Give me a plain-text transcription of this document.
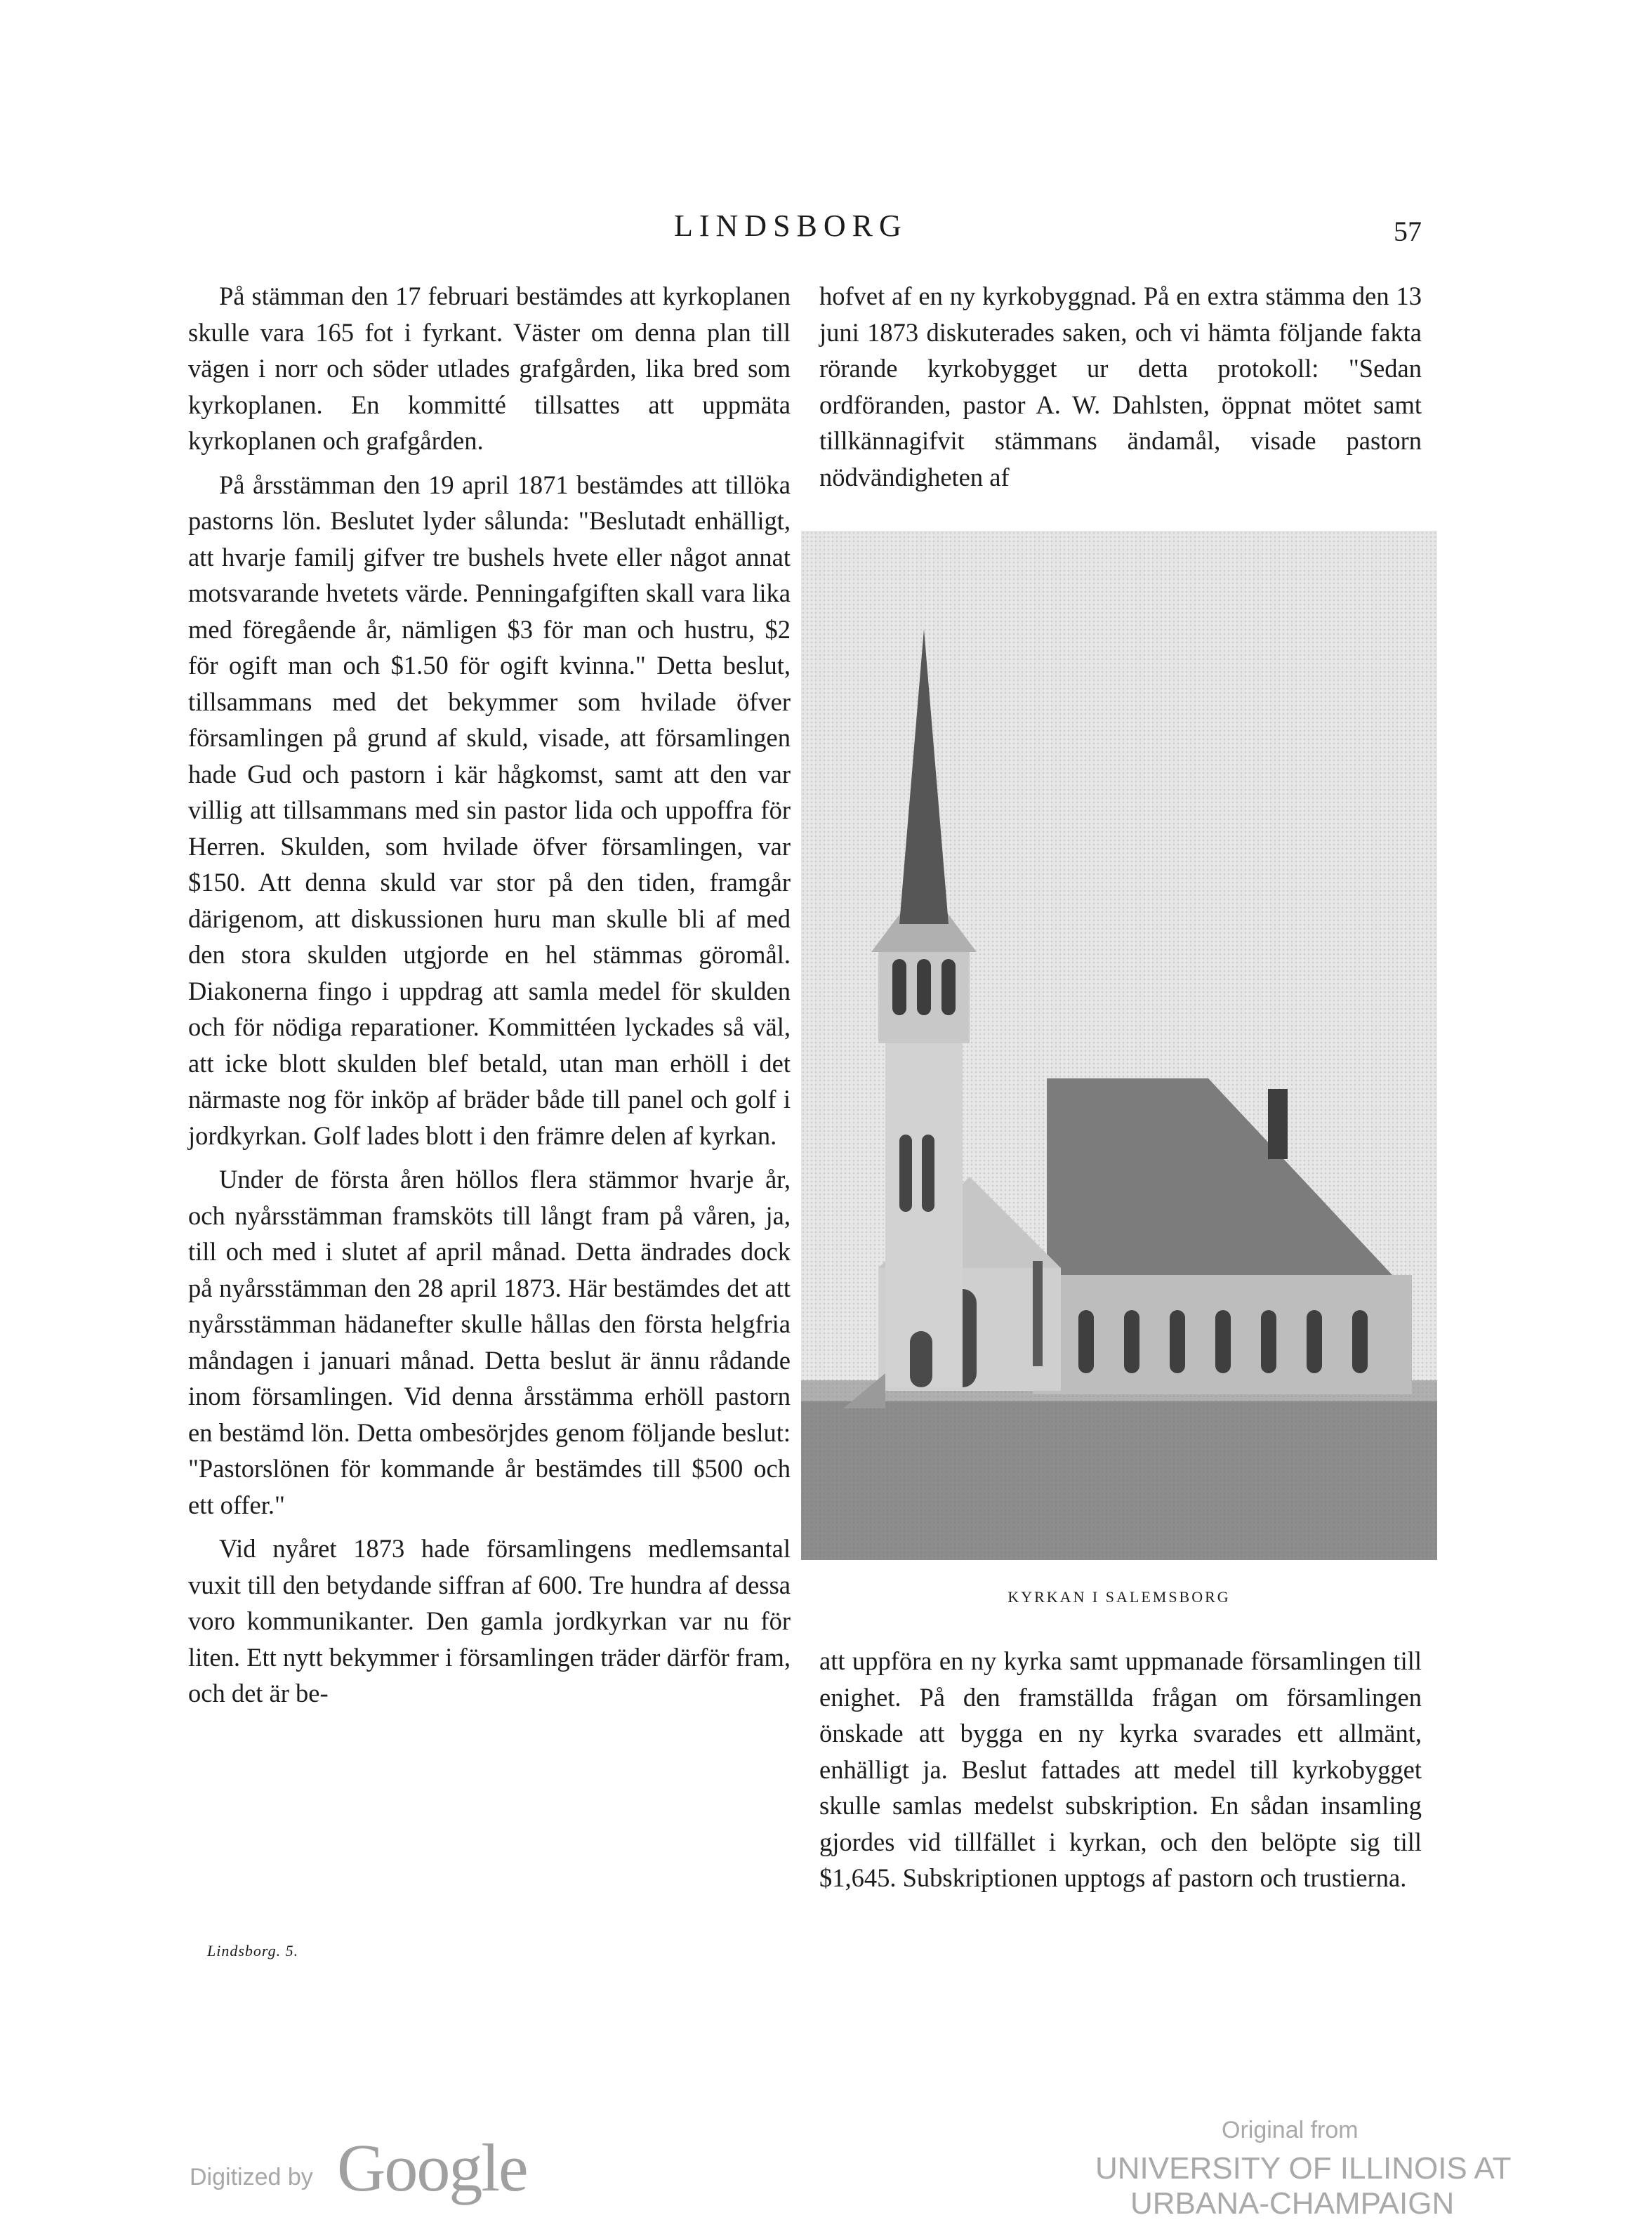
LINDSBORG	57

På stämman den 17 februari bestämdes att kyrkoplanen skulle vara 165 fot i fyrkant. Väster om denna plan till vägen i norr och söder utlades grafgården, lika bred som kyrkoplanen. En kommitté tillsattes att uppmäta kyrkoplanen och grafgården.

På årsstämman den 19 april 1871 bestämdes att tillöka pastorns lön. Beslutet lyder sålunda: "Beslutadt enhälligt, att hvarje familj gifver tre bushels hvete eller något annat motsvarande hvetets värde. Penningafgiften skall vara lika med föregående år, nämligen $3 för man och hustru, $2 för ogift man och $1.50 för ogift kvinna." Detta beslut, tillsammans med det bekymmer som hvilade öfver församlingen på grund af skuld, visade, att församlingen hade Gud och pastorn i kär hågkomst, samt att den var villig att tillsammans med sin pastor lida och uppoffra för Herren. Skulden, som hvilade öfver församlingen, var $150. Att denna skuld var stor på den tiden, framgår därigenom, att diskussionen huru man skulle bli af med den stora skulden utgjorde en hel stämmas göromål. Diakonerna fingo i uppdrag att samla medel för skulden och för nödiga reparationer. Kommittéen lyckades så väl, att icke blott skulden blef betald, utan man erhöll i det närmaste nog för inköp af bräder både till panel och golf i jordkyrkan. Golf lades blott i den främre delen af kyrkan.

Under de första åren höllos flera stämmor hvarje år, och nyårsstämman framsköts till långt fram på våren, ja, till och med i slutet af april månad. Detta ändrades dock på nyårsstämman den 28 april 1873. Här bestämdes det att nyårsstämman hädanefter skulle hållas den första helgfria måndagen i januari månad. Detta beslut är ännu rådande inom församlingen. Vid denna årsstämma erhöll pastorn en bestämd lön. Detta ombesörjdes genom följande beslut: "Pastorslönen för kommande år bestämdes till $500 och ett offer."

Vid nyåret 1873 hade församlingens medlemsantal vuxit till den betydande siffran af 600. Tre hundra af dessa voro kommunikanter. Den gamla jordkyrkan var nu för liten. Ett nytt bekymmer i församlingen träder därför fram, och det är be-

Lindsborg. 5.

hofvet af en ny kyrkobyggnad. På en extra stämma den 13 juni 1873 diskuterades saken, och vi hämta följande fakta rörande kyrkobygget ur detta protokoll: "Sedan ordföranden, pastor A. W. Dahlsten, öppnat mötet samt tillkännagifvit stämmans ändamål, visade pastorn nödvändigheten af

KYRKAN I SALEMSBORG

att uppföra en ny kyrka samt uppmanade församlingen till enighet. På den framställda frågan om församlingen önskade att bygga en ny kyrka svarades ett allmänt, enhälligt ja. Beslut fattades att medel till kyrkobygget skulle samlas medelst subskription. En sådan insamling gjordes vid tillfället i kyrkan, och den belöpte sig till $1,645. Subskriptionen upptogs af pastorn och trustierna.

Digitized by Google	Original from
UNIVERSITY OF ILLINOIS AT
URBANA-CHAMPAIGN
